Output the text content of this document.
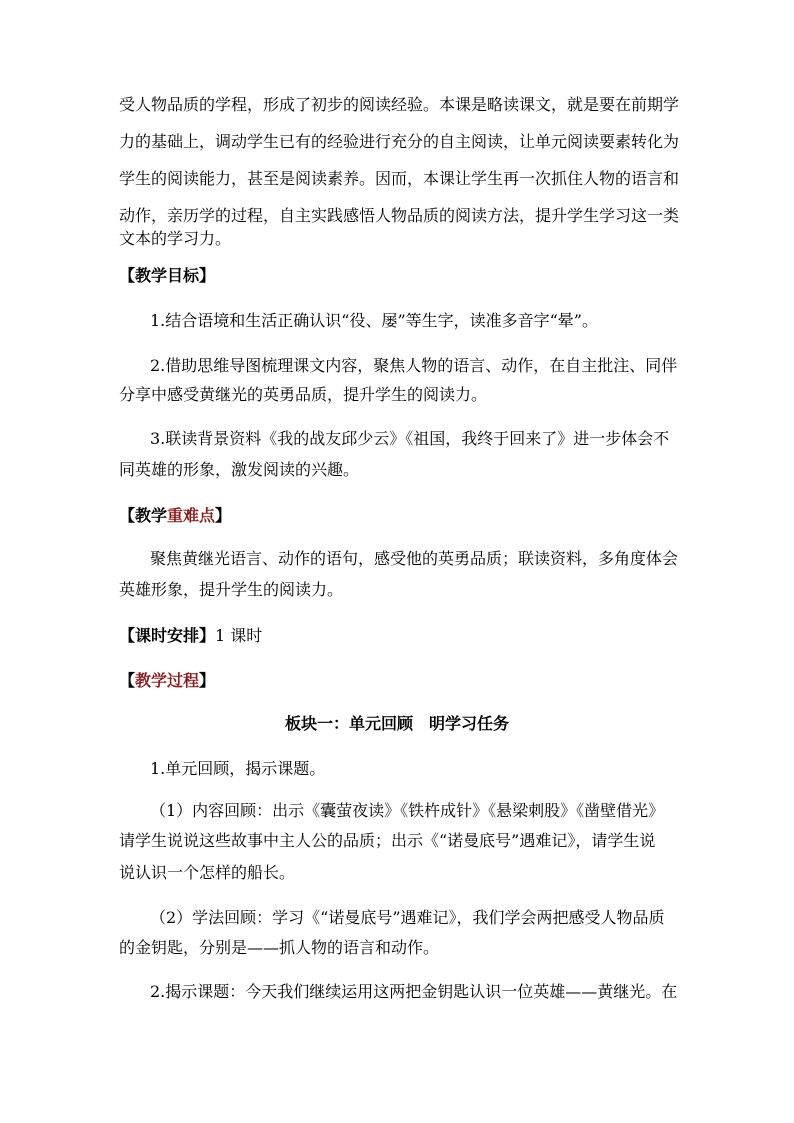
受人物品质的学程，形成了初步的阅读经验。本课是略读课文，就是要在前期学
力的基础上，调动学生已有的经验进行充分的自主阅读，让单元阅读要素转化为
学生的阅读能力，甚至是阅读素养。因而，本课让学生再一次抓住人物的语言和
动作，亲历学的过程，自主实践感悟人物品质的阅读方法，提升学生学习这一类
文本的学习力。
【教学目标】
1.结合语境和生活正确认识“役、屡”等生字，读准多音字“晕”。
2.借助思维导图梳理课文内容，聚焦人物的语言、动作，在自主批注、同伴
分享中感受黄继光的英勇品质，提升学生的阅读力。
3.联读背景资料《我的战友邱少云》《祖国，我终于回来了》进一步体会不
同英雄的形象，激发阅读的兴趣。
【教学重难点】
聚焦黄继光语言、动作的语句，感受他的英勇品质；联读资料，多角度体会
英雄形象，提升学生的阅读力。
【课时安排】1 课时
【教学过程】
板块一：单元回顾　明学习任务
1.单元回顾，揭示课题。
（1）内容回顾：出示《囊萤夜读》《铁杵成针》《悬梁刺股》《凿壁借光》
请学生说说这些故事中主人公的品质；出示《“诺曼底号”遇难记》，请学生说
说认识一个怎样的船长。
（2）学法回顾：学习《“诺曼底号”遇难记》，我们学会两把感受人物品质
的金钥匙，分别是——抓人物的语言和动作。
2.揭示课题：今天我们继续运用这两把金钥匙认识一位英雄——黄继光。在
